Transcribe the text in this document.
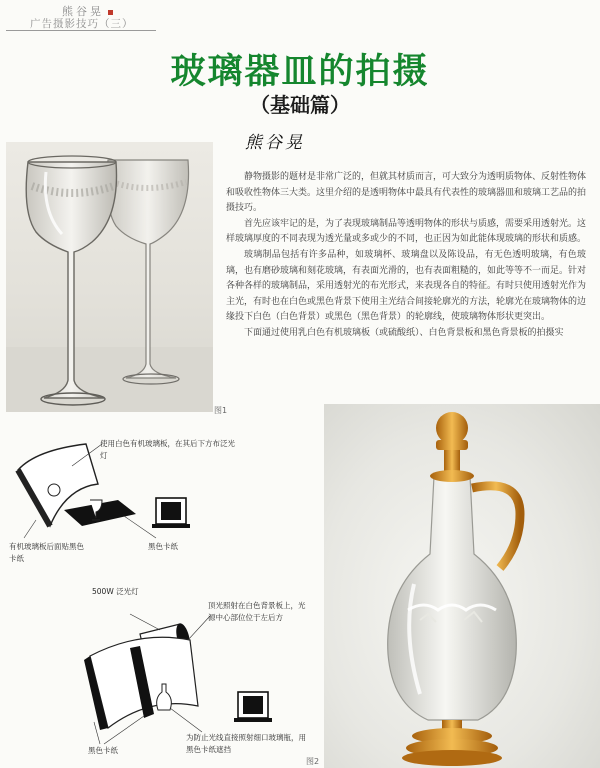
熊谷晃
广告摄影技巧（三）
玻璃器皿的拍摄
（基础篇）
熊谷晃
图1

静物摄影的题材是非常广泛的，但就其材质而言，可大致分为透明质物体、反射性物体和吸收性物体三大类。这里介绍的是透明物体中最具有代表性的玻璃器皿和玻璃工艺品的拍摄技巧。

首先应该牢记的是，为了表现玻璃制品等透明物体的形状与质感，需要采用透射光。这样玻璃厚度的不同表现为透光量或多或少的不同，也正因为如此能体现玻璃的形状和质感。

玻璃制品包括有许多品种，如玻璃杯、玻璃盘以及陈设品，有无色透明玻璃，有色玻璃，也有磨砂玻璃和刻花玻璃，有表面光滑的，也有表面粗糙的，如此等等不一而足。针对各种各样的玻璃制品，采用透射光的布光形式，来表现各自的特征。有时只使用透射光作为主光，有时也在白色或黑色背景下使用主光结合间接轮廓光的方法，轮廓光在玻璃物体的边缘投下白色（白色背景）或黑色（黑色背景）的轮廓线，使玻璃物体形状更突出。

下面通过使用乳白色有机玻璃板（或硫酸纸）、白色背景板和黑色背景板的拍摄实

使用白色有机玻璃板，在其后下方布泛光灯
有机玻璃板后面贴黑色卡纸
黑色卡纸
500W 泛光灯
顶光照射在白色背景板上，光源中心部位位于左后方
为防止光线直接照射细口玻璃瓶，用黑色卡纸遮挡
黑色卡纸
图2
